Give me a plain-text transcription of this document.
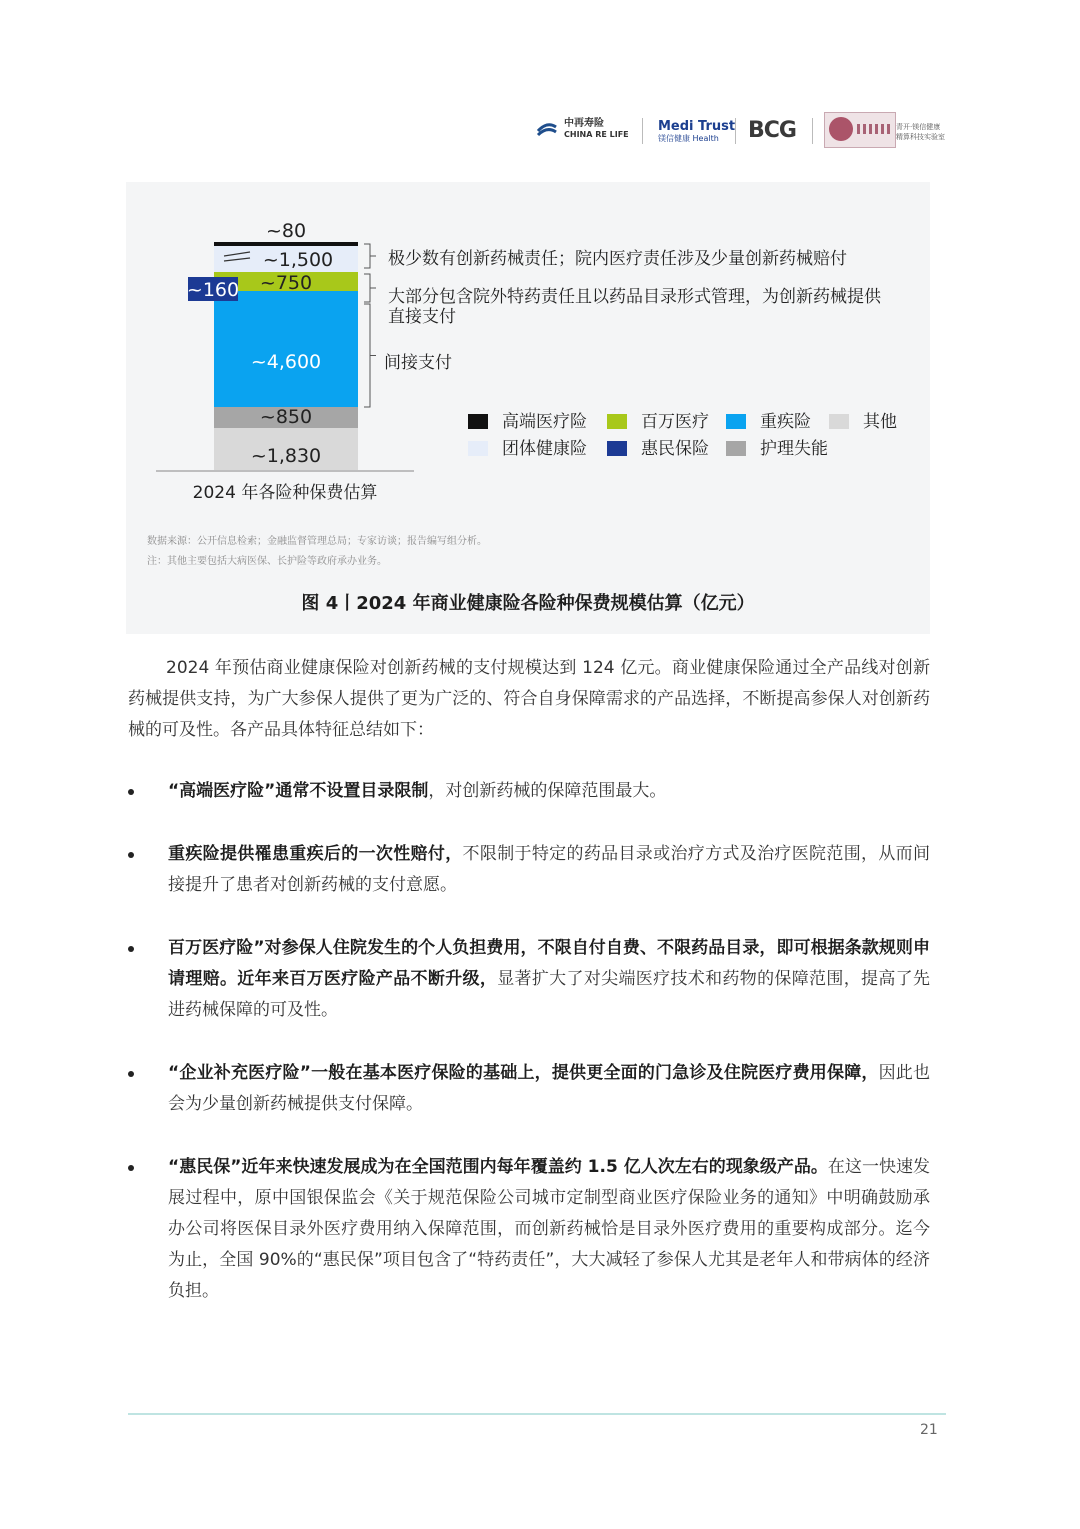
中再寿险
CHINA RE LIFE
Medi Trust
镁信健康 Health	BCG	青开·镁信健康
精算科技实验室
~1,830
~850
~4,600
~750
~1,500
~80
~160
2024 年各险种保费估算
极少数有创新药械责任；院内医疗责任涉及少量创新药械赔付
大部分包含院外特药责任且以药品目录形式管理，为创新药械提供
直接支付
间接支付
高端医疗险	百万医疗	重疾险	其他
团体健康险	惠民保险	护理失能
数据来源：公开信息检索；金融监督管理总局；专家访谈；报告编写组分析。
注：其他主要包括大病医保、长护险等政府承办业务。
图 4丨2024 年商业健康险各险种保费规模估算（亿元）
2024 年预估商业健康保险对创新药械的支付规模达到 124 亿元。商业健康保险通过全产品线对创新药械提供支持，为广大参保人提供了更为广泛的、符合自身保障需求的产品选择，不断提高参保人对创新药械的可及性。各产品具体特征总结如下：
“高端医疗险”通常不设置目录限制，对创新药械的保障范围最大。
重疾险提供罹患重疾后的一次性赔付，不限制于特定的药品目录或治疗方式及治疗医院范围，从而间接提升了患者对创新药械的支付意愿。
百万医疗险”对参保人住院发生的个人负担费用，不限自付自费、不限药品目录，即可根据条款规则申请理赔。近年来百万医疗险产品不断升级，显著扩大了对尖端医疗技术和药物的保障范围，提高了先进药械保障的可及性。
“企业补充医疗险”一般在基本医疗保险的基础上，提供更全面的门急诊及住院医疗费用保障，因此也会为少量创新药械提供支付保障。
“惠民保”近年来快速发展成为在全国范围内每年覆盖约 1.5 亿人次左右的现象级产品。在这一快速发展过程中，原中国银保监会《关于规范保险公司城市定制型商业医疗保险业务的通知》中明确鼓励承办公司将医保目录外医疗费用纳入保障范围，而创新药械恰是目录外医疗费用的重要构成部分。迄今为止，全国 90%的“惠民保”项目包含了“特药责任”，大大减轻了参保人尤其是老年人和带病体的经济负担。
21
